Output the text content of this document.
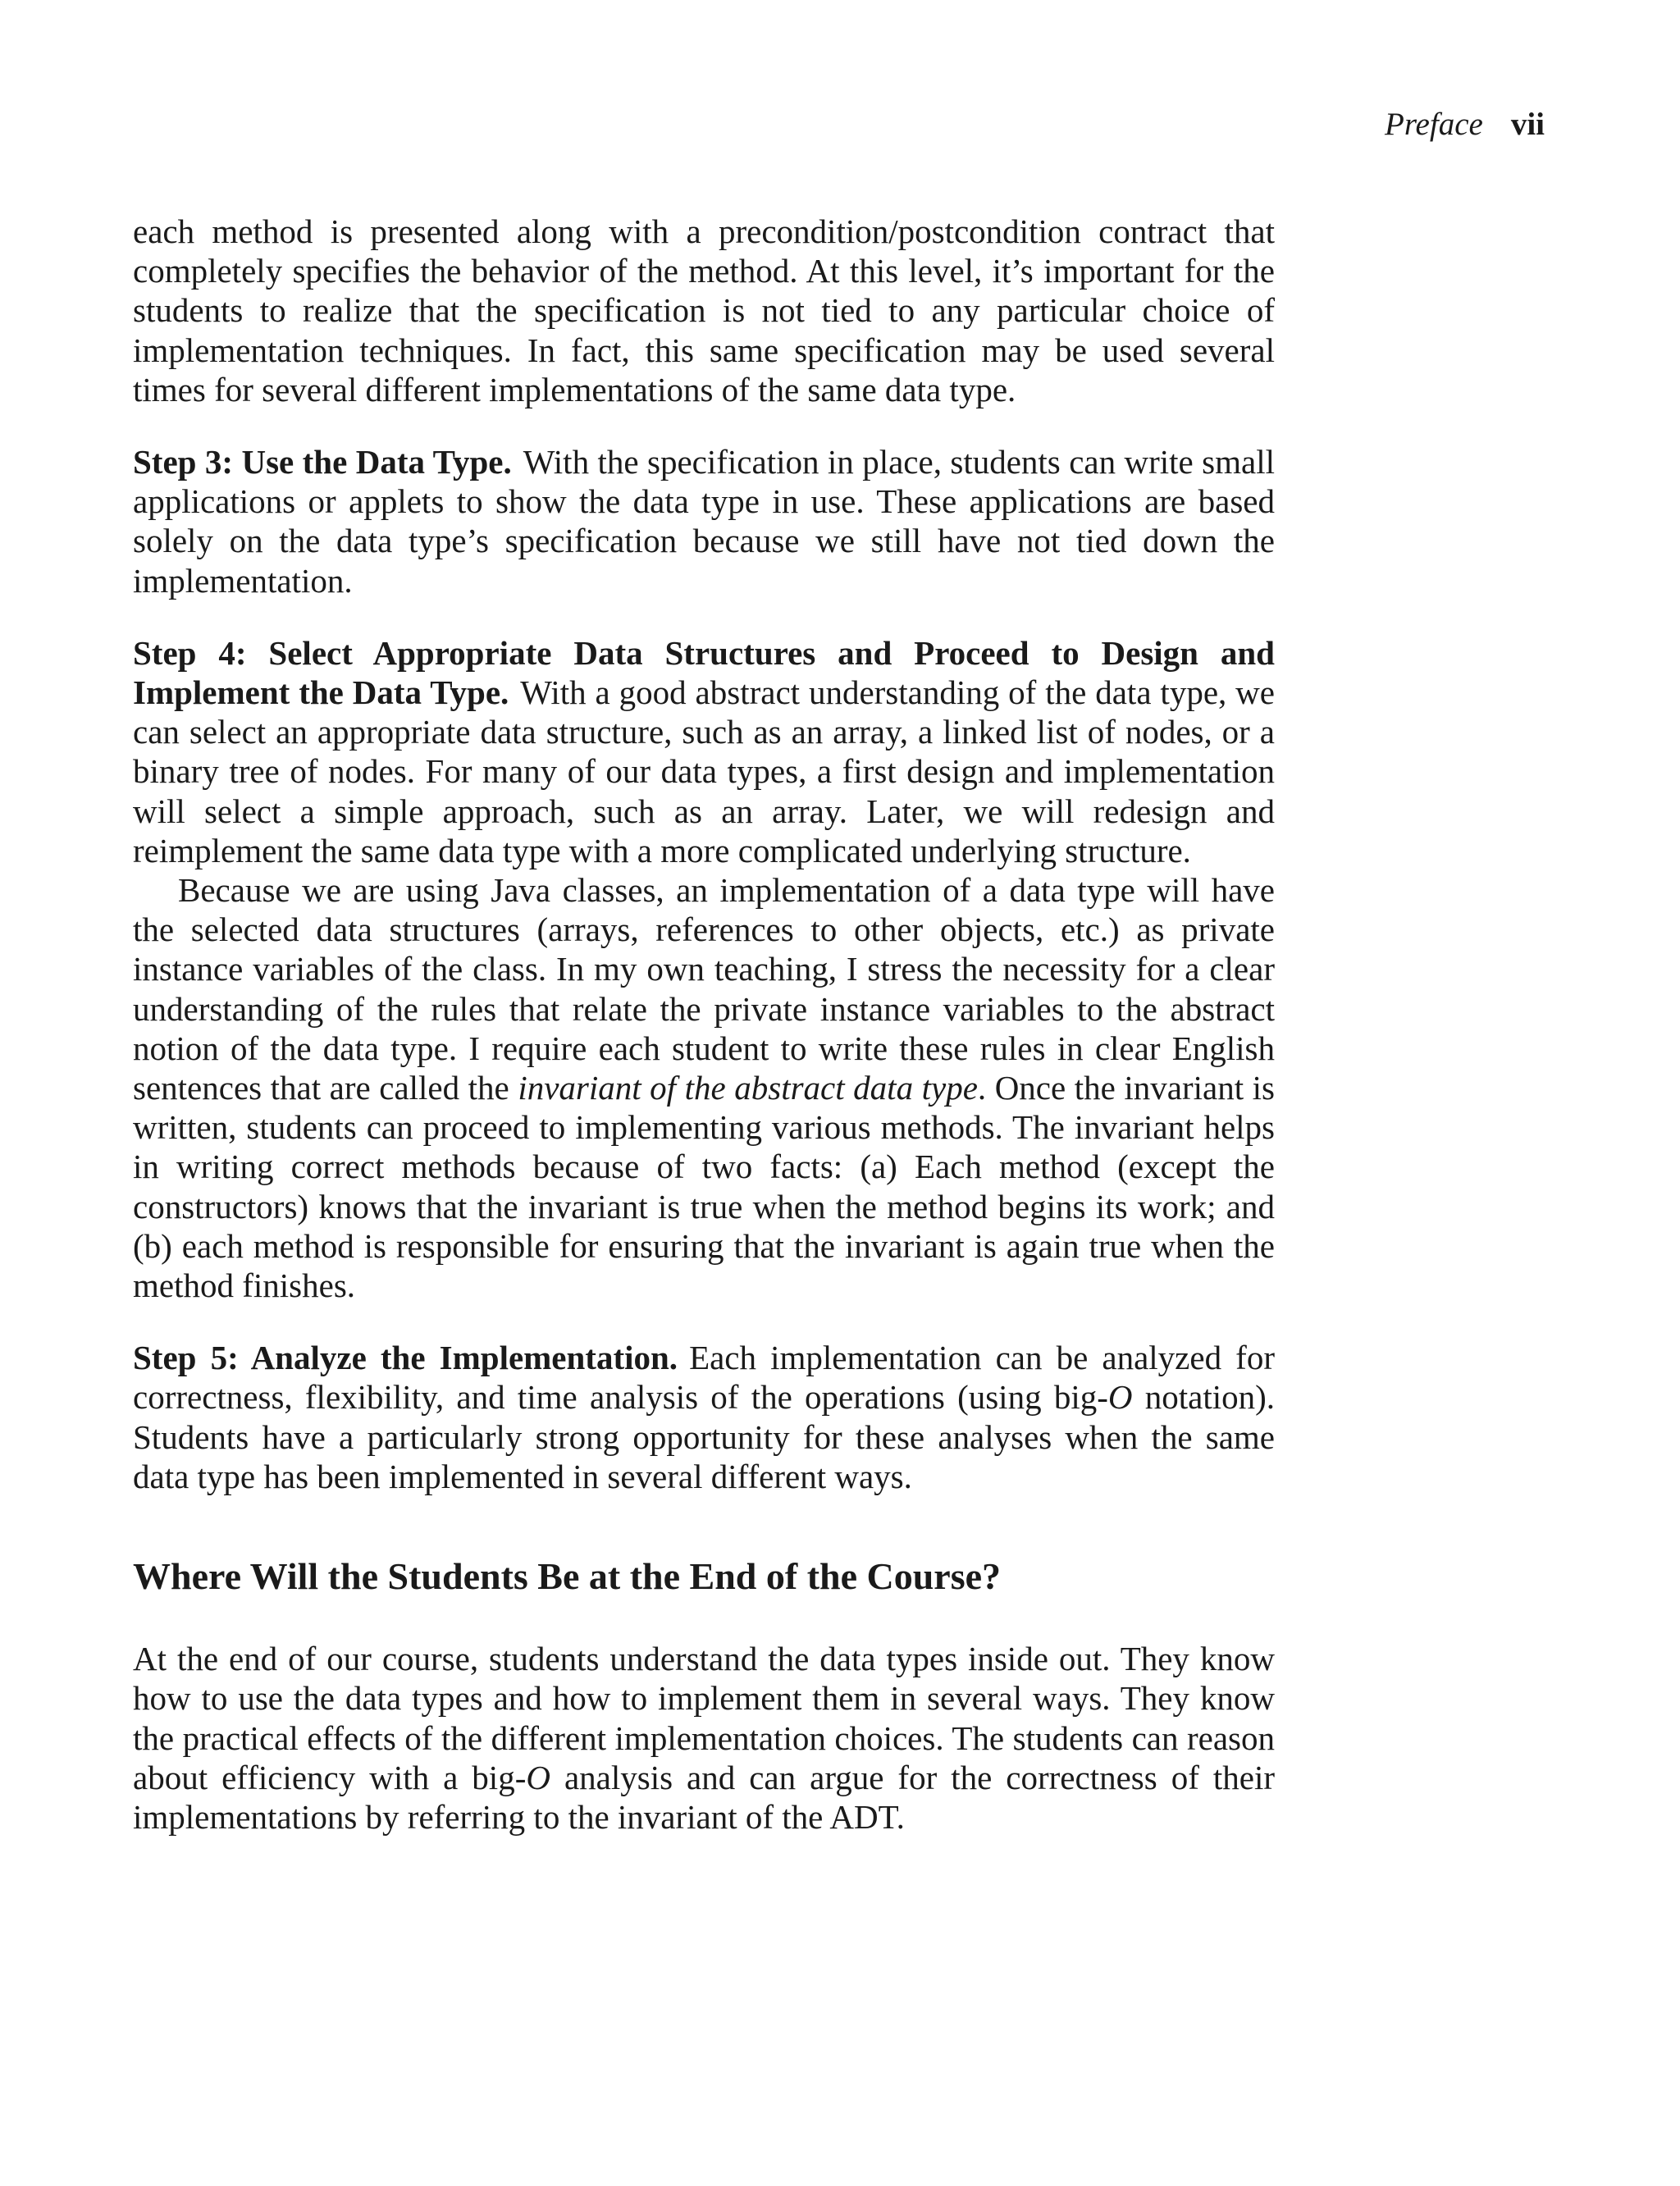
Preface vii

each method is presented along with a precondition/postcondition contract that completely specifies the behavior of the method. At this level, it’s important for the students to realize that the specification is not tied to any particular choice of implementation techniques. In fact, this same specification may be used several times for several different implementations of the same data type.

Step 3: Use the Data Type. With the specification in place, students can write small applications or applets to show the data type in use. These applications are based solely on the data type’s specification because we still have not tied down the implementation.

Step 4: Select Appropriate Data Structures and Proceed to Design and Implement the Data Type. With a good abstract understanding of the data type, we can select an appropriate data structure, such as an array, a linked list of nodes, or a binary tree of nodes. For many of our data types, a first design and implementation will select a simple approach, such as an array. Later, we will redesign and reimplement the same data type with a more complicated underlying structure.

Because we are using Java classes, an implementation of a data type will have the selected data structures (arrays, references to other objects, etc.) as private instance variables of the class. In my own teaching, I stress the necessity for a clear understanding of the rules that relate the private instance variables to the abstract notion of the data type. I require each student to write these rules in clear English sentences that are called the invariant of the abstract data type. Once the invariant is written, students can proceed to implementing various methods. The invariant helps in writing correct methods because of two facts: (a) Each method (except the constructors) knows that the invariant is true when the method begins its work; and (b) each method is responsible for ensuring that the invariant is again true when the method finishes.

Step 5: Analyze the Implementation. Each implementation can be analyzed for correctness, flexibility, and time analysis of the operations (using big-O notation). Students have a particularly strong opportunity for these analyses when the same data type has been implemented in several different ways.

Where Will the Students Be at the End of the Course?

At the end of our course, students understand the data types inside out. They know how to use the data types and how to implement them in several ways. They know the practical effects of the different implementation choices. The students can reason about efficiency with a big-O analysis and can argue for the correctness of their implementations by referring to the invariant of the ADT.
